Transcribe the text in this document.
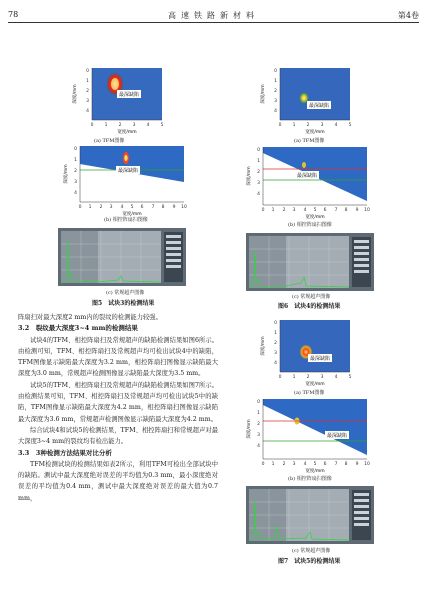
78	高速铁路新材料	第4卷
最深缺陷
0 1 2 3 4 5
0
1
2
3
4
宽度/mm
深度/mm
(a) TFM图像
最深缺陷
0 1 2 3 4 5 6 7 8 9 10
0
1
2
3
4
宽度/mm
深度/mm
(b) 相控阵扇扫图像
(c) 常规超声图像
图5　试块3的检测结果

阵扇扫对最大深度2 mm内的裂纹的检测能力较强。

3.2　裂纹最大深度3~4 mm的检测结果

试块4的TFM、相控阵扇扫及常规超声的缺陷检测结果如图6所示。由检测可知，TFM、相控阵扇扫及常规超声均可检出试块4中的缺陷，TFM图像显示缺陷最大深度为3.2 mm，相控阵扇扫图像显示缺陷最大深度为3.0 mm，常规超声检测图像显示缺陷最大深度为3.5 mm。

试块5的TFM、相控阵扇扫及常规超声的缺陷检测结果如图7所示。由检测结果可知，TFM、相控阵扇扫及常规超声均可检出试块5中的缺陷，TFM图像显示缺陷最大深度为4.2 mm，相控阵扇扫图像显示缺陷最大深度为3.6 mm，常规超声检测图像显示缺陷最大深度为4.2 mm。

综合试块4和试块5的检测结果，TFM、相控阵扇扫和常规超声对最大深度3~4 mm的裂纹均有检出能力。

3.3　3种检测方法结果对比分析

TFM检测试块的检测结果如表2所示，利用TFM可检出全部试块中的缺陷。测试中最大深度绝对误差的平均值为0.3 mm，最小深度绝对误差的平均值为0.4 mm，测试中最大深度绝对误差的最大值为0.7 mm，

最深缺陷
0 1 2 3 4 5
0
1
2
3
4
宽度/mm
深度/mm
(a) TFM图像
最深缺陷
0 1 2 3 4 5 6 7 8 9 10
0
1
2
3
4
宽度/mm
深度/mm
(b) 相控阵扇扫图像
(c) 常规超声图像
图6　试块4的检测结果
最深缺陷
0 1 2 3 4 5
0
1
2
3
4
宽度/mm
深度/mm
(a) TFM图像
最深缺陷
0 1 2 3 4 5 6 7 8 9 10
0
1
2
3
4
宽度/mm
深度/mm
(b) 相控阵扇扫图像
(c) 常规超声图像
图7　试块5的检测结果
